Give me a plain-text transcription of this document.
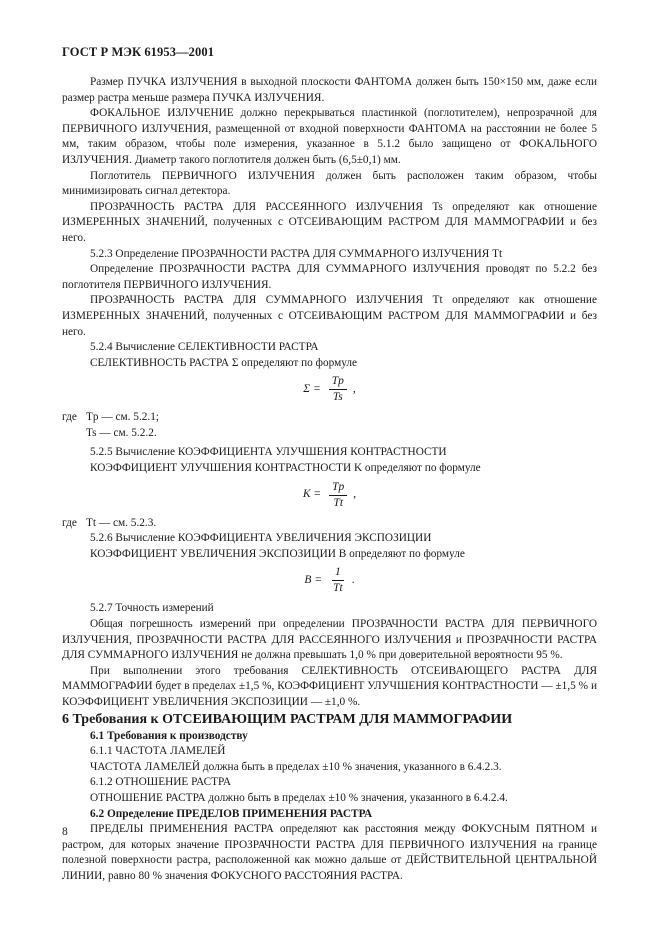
ГОСТ Р МЭК 61953—2001

Размер ПУЧКА ИЗЛУЧЕНИЯ в выходной плоскости ФАНТОМА должен быть 150×150 мм, даже если размер растра меньше размера ПУЧКА ИЗЛУЧЕНИЯ.

ФОКАЛЬНОЕ ИЗЛУЧЕНИЕ должно перекрываться пластинкой (поглотителем), непрозрачной для ПЕРВИЧНОГО ИЗЛУЧЕНИЯ, размещенной от входной поверхности ФАНТОМА на расстоянии не более 5 мм, таким образом, чтобы поле измерения, указанное в 5.1.2 было защищено от ФОКАЛЬНОГО ИЗЛУЧЕНИЯ. Диаметр такого поглотителя должен быть (6,5±0,1) мм.

Поглотитель ПЕРВИЧНОГО ИЗЛУЧЕНИЯ должен быть расположен таким образом, чтобы минимизировать сигнал детектора.

ПРОЗРАЧНОСТЬ РАСТРА ДЛЯ РАССЕЯННОГО ИЗЛУЧЕНИЯ Ts определяют как отношение ИЗМЕРЕННЫХ ЗНАЧЕНИЙ, полученных с ОТСЕИВАЮЩИМ РАСТРОМ ДЛЯ МАММОГРАФИИ и без него.

5.2.3 Определение ПРОЗРАЧНОСТИ РАСТРА ДЛЯ СУММАРНОГО ИЗЛУЧЕНИЯ Tt

Определение ПРОЗРАЧНОСТИ РАСТРА ДЛЯ СУММАРНОГО ИЗЛУЧЕНИЯ проводят по 5.2.2 без поглотителя ПЕРВИЧНОГО ИЗЛУЧЕНИЯ.

ПРОЗРАЧНОСТЬ РАСТРА ДЛЯ СУММАРНОГО ИЗЛУЧЕНИЯ Tt определяют как отношение ИЗМЕРЕННЫХ ЗНАЧЕНИЙ, полученных с ОТСЕИВАЮЩИМ РАСТРОМ ДЛЯ МАММОГРАФИИ и без него.

5.2.4 Вычисление СЕЛЕКТИВНОСТИ РАСТРА

СЕЛЕКТИВНОСТЬ РАСТРА Σ определяют по формуле

$\Sigma = \frac{Tp}{Ts}$ ,
где Tp — см. 5.2.1;
Ts — см. 5.2.2.

5.2.5 Вычисление КОЭФФИЦИЕНТА УЛУЧШЕНИЯ КОНТРАСТНОСТИ

КОЭФФИЦИЕНТ УЛУЧШЕНИЯ КОНТРАСТНОСТИ K определяют по формуле

$K = \frac{Tp}{Tt}$ ,
где Tt — см. 5.2.3.

5.2.6 Вычисление КОЭФФИЦИЕНТА УВЕЛИЧЕНИЯ ЭКСПОЗИЦИИ

КОЭФФИЦИЕНТ УВЕЛИЧЕНИЯ ЭКСПОЗИЦИИ B определяют по формуле

$B = \frac{1}{Tt}$ .

5.2.7 Точность измерений

Общая погрешность измерений при определении ПРОЗРАЧНОСТИ РАСТРА ДЛЯ ПЕРВИЧНОГО ИЗЛУЧЕНИЯ, ПРОЗРАЧНОСТИ РАСТРА ДЛЯ РАССЕЯННОГО ИЗЛУЧЕНИЯ и ПРОЗРАЧНОСТИ РАСТРА ДЛЯ СУММАРНОГО ИЗЛУЧЕНИЯ не должна превышать 1,0 % при доверительной вероятности 95 %.

При выполнении этого требования СЕЛЕКТИВНОСТЬ ОТСЕИВАЮЩЕГО РАСТРА ДЛЯ МАММОГРАФИИ будет в пределах ±1,5 %, КОЭФФИЦИЕНТ УЛУЧШЕНИЯ КОНТРАСТНОСТИ — ±1,5 % и КОЭФФИЦИЕНТ УВЕЛИЧЕНИЯ ЭКСПОЗИЦИИ — ±1,0 %.

6 Требования к ОТСЕИВАЮЩИМ РАСТРАМ ДЛЯ МАММОГРАФИИ

6.1 Требования к производству

6.1.1 ЧАСТОТА ЛАМЕЛЕЙ

ЧАСТОТА ЛАМЕЛЕЙ должна быть в пределах ±10 % значения, указанного в 6.4.2.3.

6.1.2 ОТНОШЕНИЕ РАСТРА

ОТНОШЕНИЕ РАСТРА должно быть в пределах ±10 % значения, указанного в 6.4.2.4.

6.2 Определение ПРЕДЕЛОВ ПРИМЕНЕНИЯ РАСТРА

ПРЕДЕЛЫ ПРИМЕНЕНИЯ РАСТРА определяют как расстояния между ФОКУСНЫМ ПЯТНОМ и растром, для которых значение ПРОЗРАЧНОСТИ РАСТРА ДЛЯ ПЕРВИЧНОГО ИЗЛУЧЕНИЯ на границе полезной поверхности растра, расположенной как можно дальше от ДЕЙСТВИТЕЛЬНОЙ ЦЕНТРАЛЬНОЙ ЛИНИИ, равно 80 % значения ФОКУСНОГО РАССТОЯНИЯ РАСТРА.

8
